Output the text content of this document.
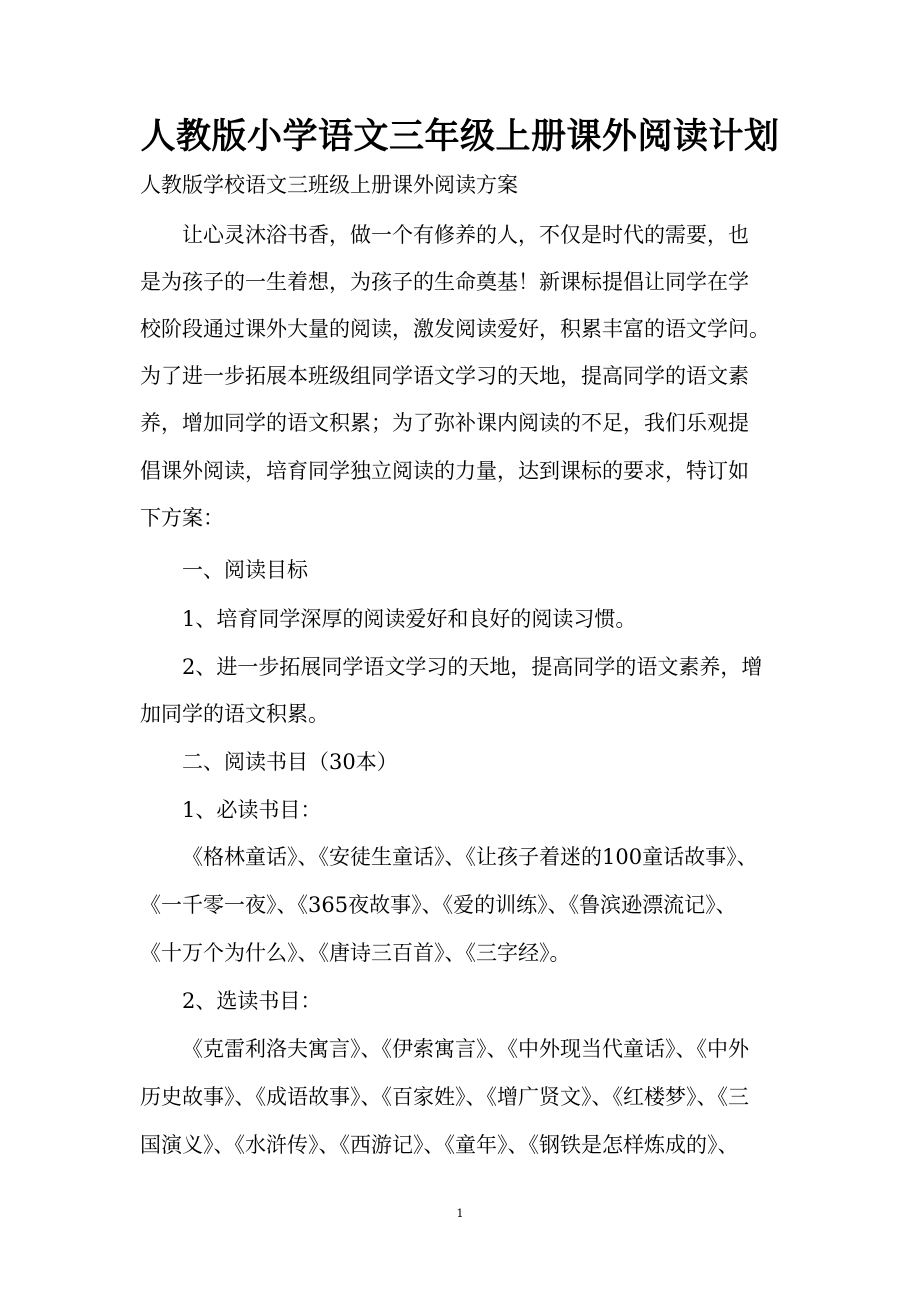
人教版小学语文三年级上册课外阅读计划

人教版学校语文三班级上册课外阅读方案

让心灵沐浴书香，做一个有修养的人，不仅是时代的需要，也

是为孩子的一生着想，为孩子的生命奠基！新课标提倡让同学在学

校阶段通过课外大量的阅读，激发阅读爱好，积累丰富的语文学问。

为了进一步拓展本班级组同学语文学习的天地，提高同学的语文素

养，增加同学的语文积累；为了弥补课内阅读的不足，我们乐观提

倡课外阅读，培育同学独立阅读的力量，达到课标的要求，特订如

下方案：

一、阅读目标

1、培育同学深厚的阅读爱好和良好的阅读习惯。

2、进一步拓展同学语文学习的天地，提高同学的语文素养，增

加同学的语文积累。

二、阅读书目（30本）

1、必读书目：

《格林童话》、《安徒生童话》、《让孩子着迷的100童话故事》、

《一千零一夜》、《365夜故事》、《爱的训练》、《鲁滨逊漂流记》、

《十万个为什么》、《唐诗三百首》、《三字经》。

2、选读书目：

《克雷利洛夫寓言》、《伊索寓言》、《中外现当代童话》、《中外

历史故事》、《成语故事》、《百家姓》、《增广贤文》、《红楼梦》、《三

国演义》、《水浒传》、《西游记》、《童年》、《钢铁是怎样炼成的》、

1
